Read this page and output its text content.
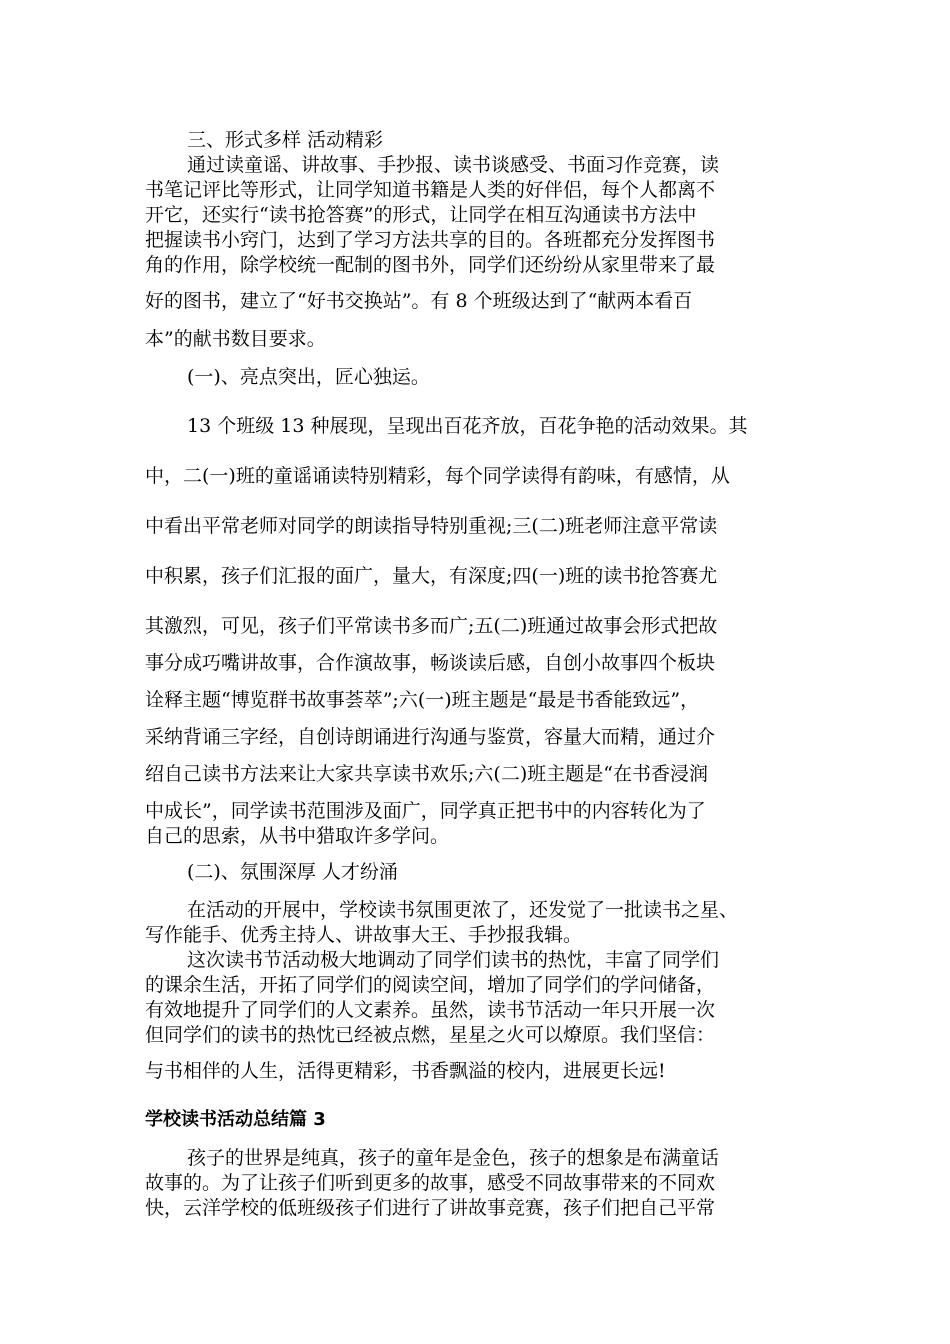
三、形式多样 活动精彩
通过读童谣、讲故事、手抄报、读书谈感受、书面习作竞赛，读
书笔记评比等形式，让同学知道书籍是人类的好伴侣，每个人都离不
开它，还实行“读书抢答赛”的形式，让同学在相互沟通读书方法中
把握读书小窍门，达到了学习方法共享的目的。各班都充分发挥图书
角的作用，除学校统一配制的图书外，同学们还纷纷从家里带来了最
好的图书，建立了“好书交换站”。有 8 个班级达到了“献两本看百
本”的献书数目要求。
(一)、亮点突出，匠心独运。
13 个班级 13 种展现，呈现出百花齐放，百花争艳的活动效果。其
中，二(一)班的童谣诵读特别精彩，每个同学读得有韵味，有感情，从
中看出平常老师对同学的朗读指导特别重视;三(二)班老师注意平常读
中积累，孩子们汇报的面广，量大，有深度;四(一)班的读书抢答赛尤
其激烈，可见，孩子们平常读书多而广;五(二)班通过故事会形式把故
事分成巧嘴讲故事，合作演故事，畅谈读后感，自创小故事四个板块
诠释主题“博览群书故事荟萃”;六(一)班主题是“最是书香能致远”，
采纳背诵三字经，自创诗朗诵进行沟通与鉴赏，容量大而精，通过介
绍自己读书方法来让大家共享读书欢乐;六(二)班主题是“在书香浸润
中成长”，同学读书范围涉及面广，同学真正把书中的内容转化为了
自己的思索，从书中猎取许多学问。
(二)、氛围深厚 人才纷涌
在活动的开展中，学校读书氛围更浓了，还发觉了一批读书之星、
写作能手、优秀主持人、讲故事大王、手抄报我辑。
这次读书节活动极大地调动了同学们读书的热忱，丰富了同学们
的课余生活，开拓了同学们的阅读空间，增加了同学们的学问储备，
有效地提升了同学们的人文素养。虽然，读书节活动一年只开展一次
但同学们的读书的热忱已经被点燃，星星之火可以燎原。我们坚信：
与书相伴的人生，活得更精彩，书香飘溢的校内，进展更长远!
学校读书活动总结篇 3
孩子的世界是纯真，孩子的童年是金色，孩子的想象是布满童话
故事的。为了让孩子们听到更多的故事，感受不同故事带来的不同欢
快，云洋学校的低班级孩子们进行了讲故事竞赛，孩子们把自己平常
